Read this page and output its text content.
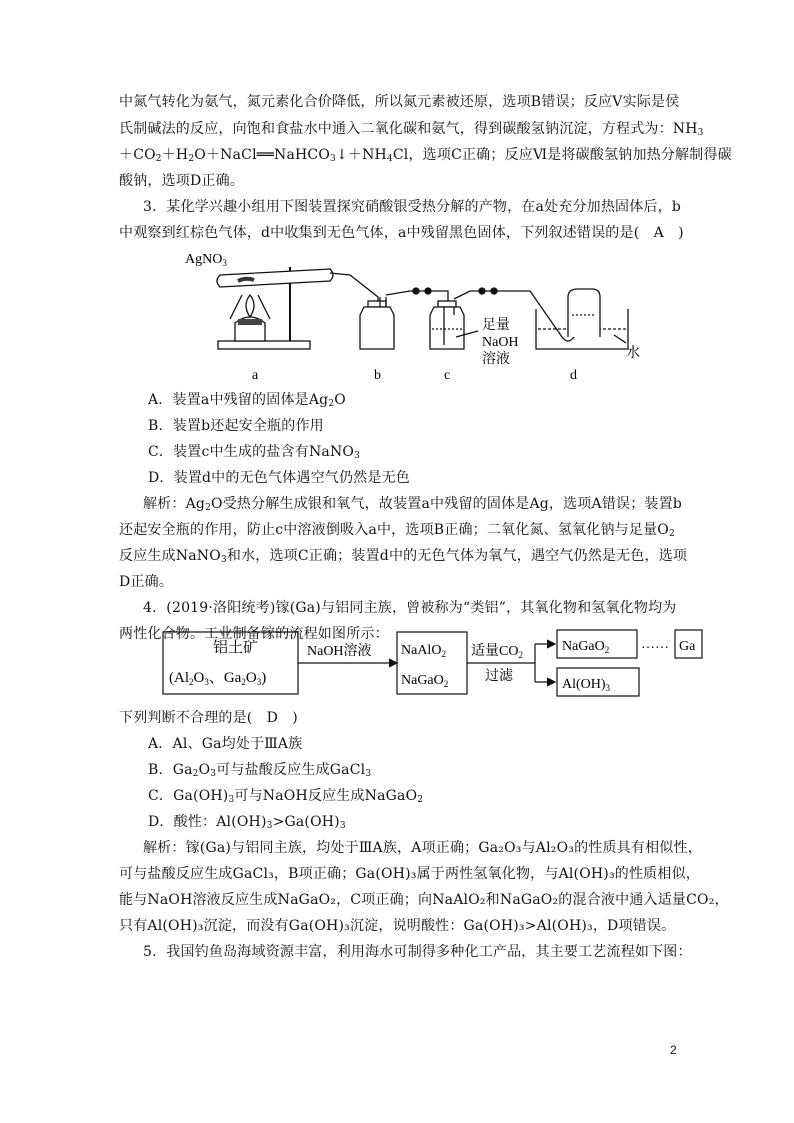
中氮气转化为氨气，氮元素化合价降低，所以氮元素被还原，选项B错误；反应Ⅴ实际是侯
氏制碱法的反应，向饱和食盐水中通入二氧化碳和氨气，得到碳酸氢钠沉淀，方程式为：$NH_3$
$+CO_2+H_2O+NaCl══NaHCO_3↓+NH_4Cl$，选项C正确；反应Ⅵ是将碳酸氢钠加热分解制得碳
酸钠，选项D正确。
3．某化学兴趣小组用下图装置探究硝酸银受热分解的产物，在a处充分加热固体后，b
中观察到红棕色气体，d中收集到无色气体，a中残留黑色固体，下列叙述错误的是(　A　)
AgNO$_3$
足量
NaOH
溶液	水
a	b	c	d
A．装置a中残留的固体是$Ag_2O$
B．装置b还起安全瓶的作用
C．装置c中生成的盐含有NaNO$_3$
D．装置d中的无色气体遇空气仍然是无色
解析：$Ag_2O$受热分解生成银和氧气，故装置a中残留的固体是Ag，选项A错误；装置b
还起安全瓶的作用，防止c中溶液倒吸入a中，选项B正确；二氧化氮、氢氧化钠与足量$O_2$
反应生成NaNO$_3$和水，选项C正确；装置d中的无色气体为氧气，遇空气仍然是无色，选项
D正确。
4．(2019·洛阳统考)镓(Ga)与铝同主族，曾被称为“类铝”，其氧化物和氢氧化物均为
两性化合物。工业制备镓的流程如图所示：
铝土矿
($Al_2O_3$、$Ga_2O_3$)
NaOH溶液 NaAlO$_2$
NaGaO$_2$
适量$CO_2$
过滤
NaGaO$_2$ …… Ga
$Al(OH)_3$
下列判断不合理的是(　D　)
A．Al、Ga均处于ⅢA族
B．$Ga_2O_3$可与盐酸反应生成GaCl$_3$
C．$Ga(OH)_3$可与NaOH反应生成NaGaO$_2$
D．酸性：$Al(OH)_3>Ga(OH)_3$
解析：镓(Ga)与铝同主族，均处于ⅢA族，A项正确；Ga₂O₃与Al₂O₃的性质具有相似性，
可与盐酸反应生成GaCl₃，B项正确；Ga(OH)₃属于两性氢氧化物，与Al(OH)₃的性质相似，
能与NaOH溶液反应生成NaGaO₂，C项正确；向NaAlO₂和NaGaO₂的混合液中通入适量CO₂，
只有Al(OH)₃沉淀，而没有Ga(OH)₃沉淀，说明酸性：Ga(OH)₃>Al(OH)₃，D项错误。
5．我国钓鱼岛海域资源丰富，利用海水可制得多种化工产品，其主要工艺流程如下图：
2
